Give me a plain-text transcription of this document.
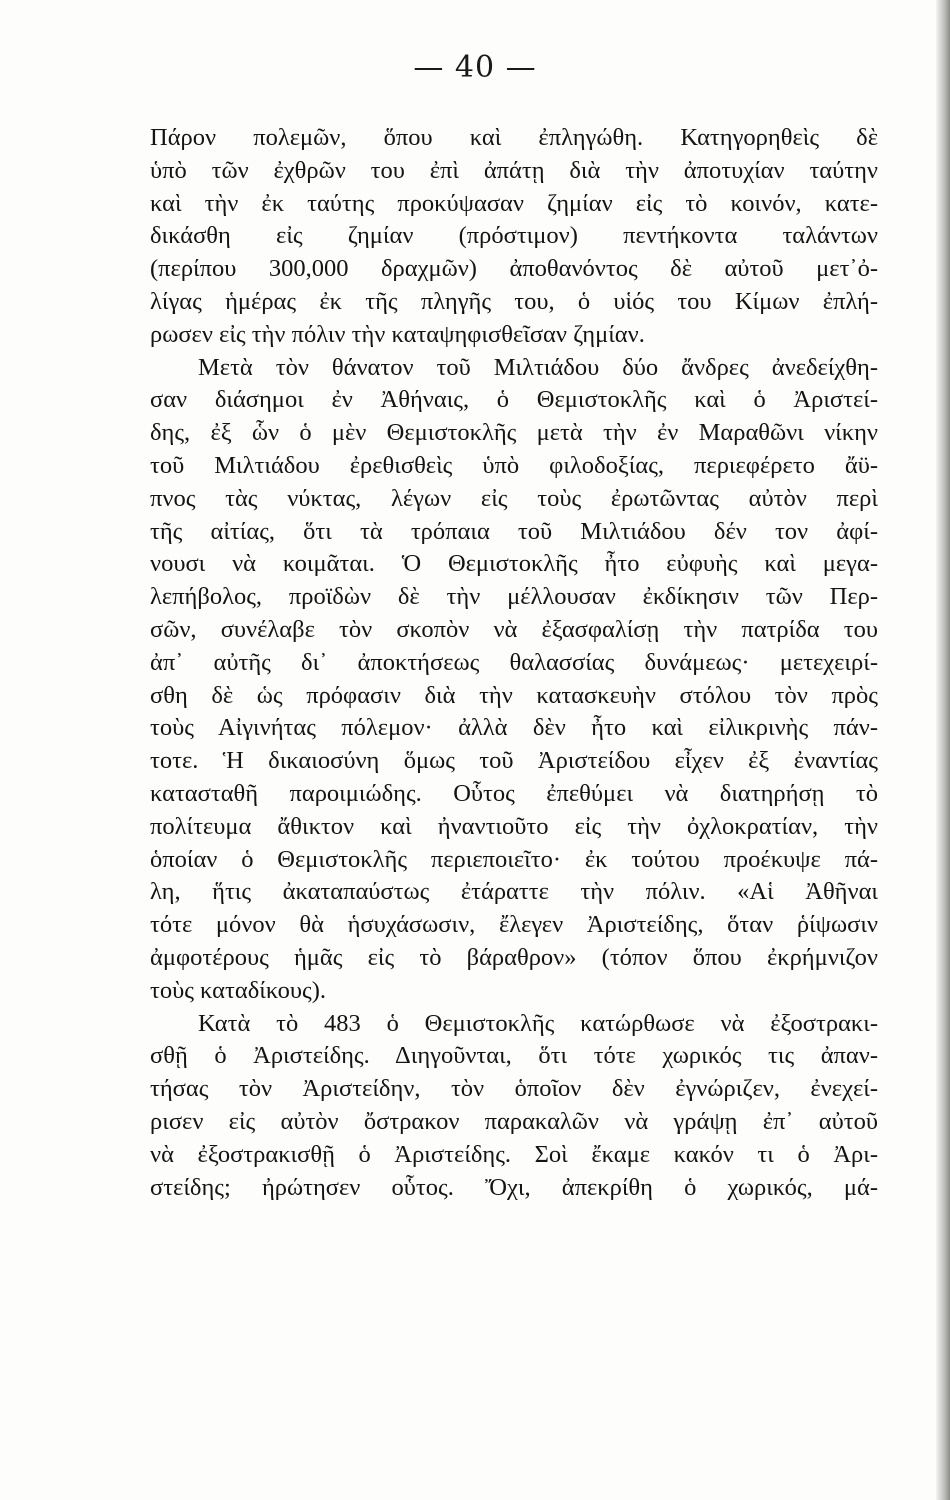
— 40 —
Πάρον πολεμῶν, ὅπου καὶ ἐπληγώθη. Κατηγορηθεὶς δὲ
ὑπὸ τῶν ἐχθρῶν του ἐπὶ ἀπάτῃ διὰ τὴν ἀποτυχίαν ταύτην
καὶ τὴν ἐκ ταύτης προκύψασαν ζημίαν εἰς τὸ κοινόν, κατε-
δικάσθη εἰς ζημίαν (πρόστιμον) πεντήκοντα ταλάντων
(περίπου 300,000 δραχμῶν) ἀποθανόντος δὲ αὐτοῦ μετ᾽ὀ-
λίγας ἡμέρας ἐκ τῆς πληγῆς του, ὁ υἱός του Κίμων ἐπλή-
ρωσεν εἰς τὴν πόλιν τὴν καταψηφισθεῖσαν ζημίαν.
Μετὰ τὸν θάνατον τοῦ Μιλτιάδου δύο ἄνδρες ἀνεδείχθη-
σαν διάσημοι ἐν Ἀθήναις, ὁ Θεμιστοκλῆς καὶ ὁ Ἀριστεί-
δης, ἐξ ὧν ὁ μὲν Θεμιστοκλῆς μετὰ τὴν ἐν Μαραθῶνι νίκην
τοῦ Μιλτιάδου ἐρεθισθεὶς ὑπὸ φιλοδοξίας, περιεφέρετο ἄϋ-
πνος τὰς νύκτας, λέγων εἰς τοὺς ἐρωτῶντας αὐτὸν περὶ
τῆς αἰτίας, ὅτι τὰ τρόπαια τοῦ Μιλτιάδου δέν τον ἀφί-
νουσι νὰ κοιμᾶται. Ὁ Θεμιστοκλῆς ἦτο εὐφυὴς καὶ μεγα-
λεπήβολος, προϊδὼν δὲ τὴν μέλλουσαν ἐκδίκησιν τῶν Περ-
σῶν, συνέλαβε τὸν σκοπὸν νὰ ἐξασφαλίσῃ τὴν πατρίδα του
ἀπ᾽ αὐτῆς δι᾽ ἀποκτήσεως θαλασσίας δυνάμεως· μετεχειρί-
σθη δὲ ὡς πρόφασιν διὰ τὴν κατασκευὴν στόλου τὸν πρὸς
τοὺς Αἰγινήτας πόλεμον· ἀλλὰ δὲν ἦτο καὶ εἰλικρινὴς πάν-
τοτε. Ἡ δικαιοσύνη ὅμως τοῦ Ἀριστείδου εἶχεν ἐξ ἐναντίας
κατασταθῆ παροιμιώδης. Οὗτος ἐπεθύμει νὰ διατηρήσῃ τὸ
πολίτευμα ἄθικτον καὶ ἠναντιοῦτο εἰς τὴν ὀχλοκρατίαν, τὴν
ὁποίαν ὁ Θεμιστοκλῆς περιεποιεῖτο· ἐκ τούτου προέκυψε πά-
λη, ἥτις ἀκαταπαύστως ἐτάραττε τὴν πόλιν. «Αἱ Ἀθῆναι
τότε μόνον θὰ ἡσυχάσωσιν, ἔλεγεν Ἀριστείδης, ὅταν ῥίψωσιν
ἀμφοτέρους ἡμᾶς εἰς τὸ βάραθρον» (τόπον ὅπου ἐκρήμνιζον
τοὺς καταδίκους).
Κατὰ τὸ 483 ὁ Θεμιστοκλῆς κατώρθωσε νὰ ἐξοστρακι-
σθῇ ὁ Ἀριστείδης. Διηγοῦνται, ὅτι τότε χωρικός τις ἀπαν-
τήσας τὸν Ἀριστείδην, τὸν ὁποῖον δὲν ἐγνώριζεν, ἐνεχεί-
ρισεν εἰς αὐτὸν ὄστρακον παρακαλῶν νὰ γράψῃ ἐπ᾽ αὐτοῦ
νὰ ἐξοστρακισθῇ ὁ Ἀριστείδης. Σοὶ ἔκαμε κακόν τι ὁ Ἀρι-
στείδης; ἠρώτησεν οὗτος. Ὄχι, ἀπεκρίθη ὁ χωρικός, μά-
